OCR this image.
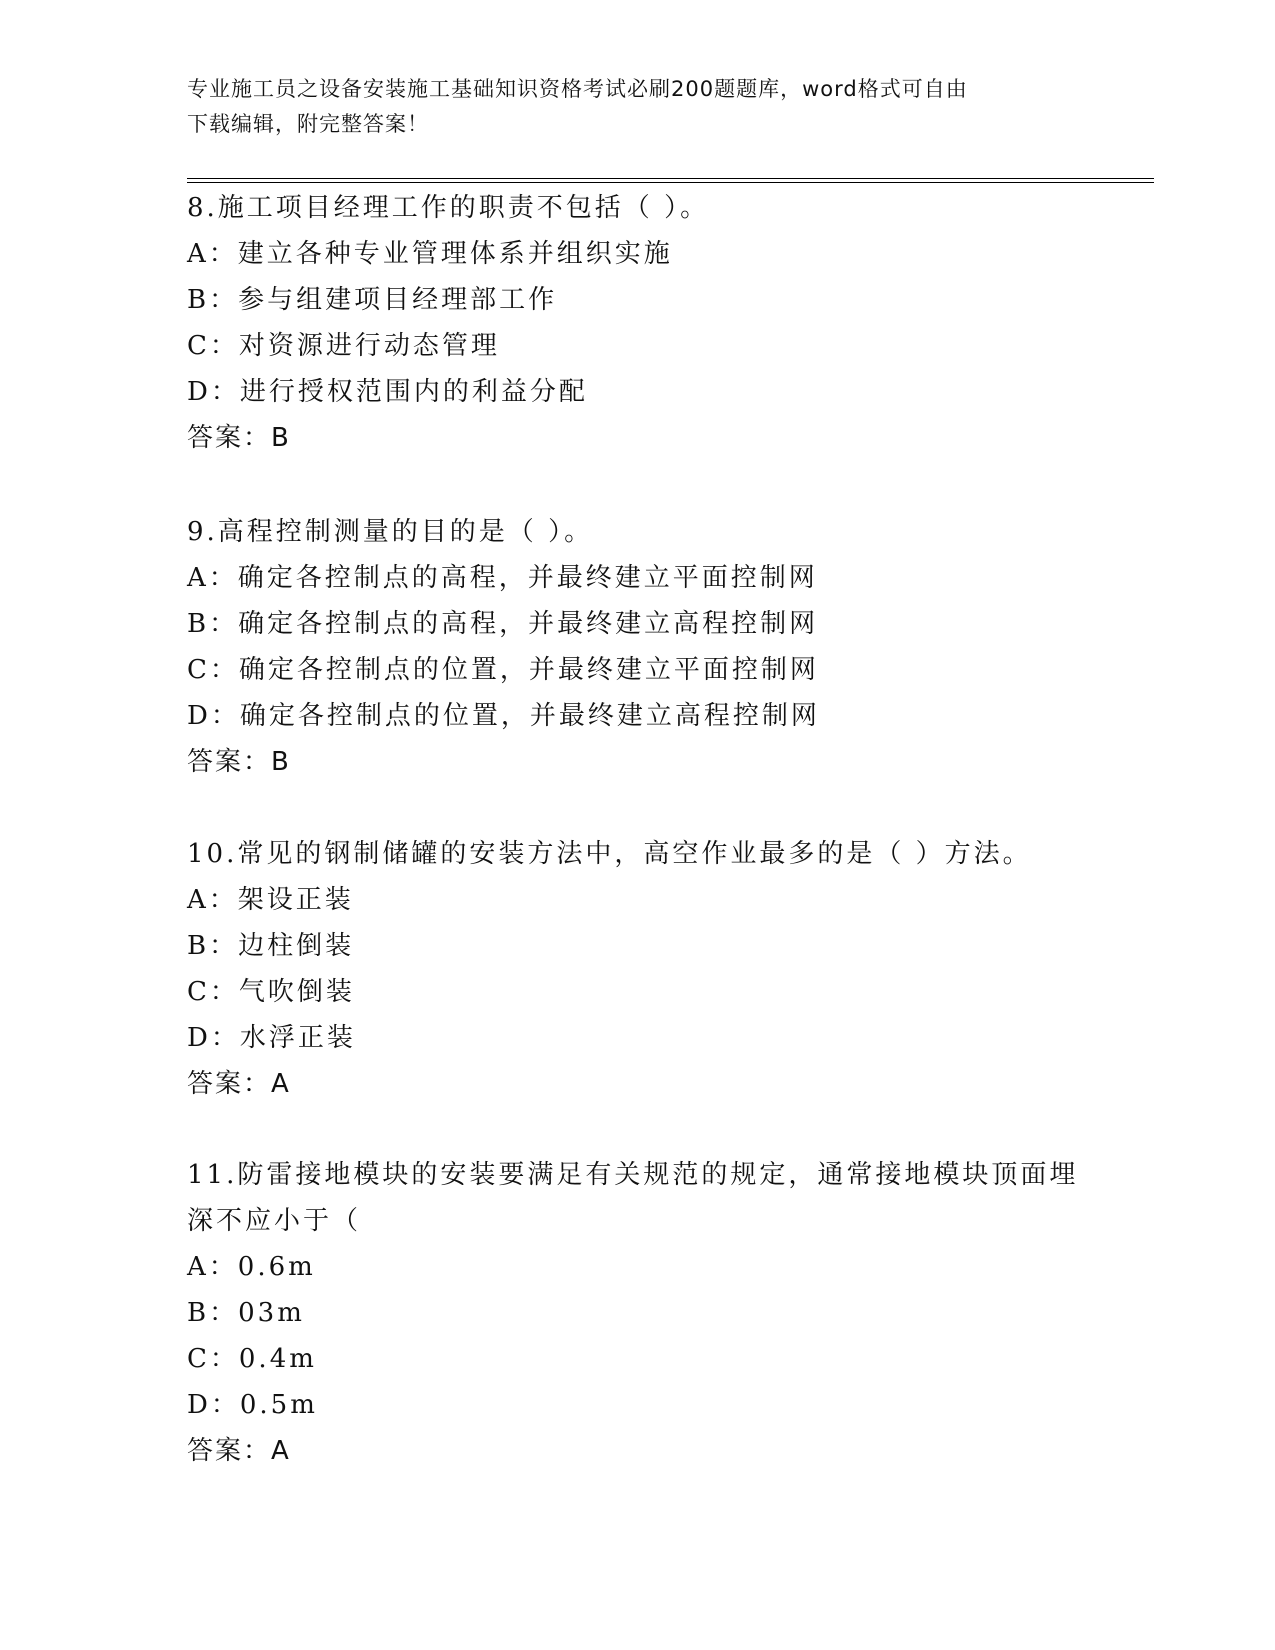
专业施工员之设备安装施工基础知识资格考试必刷200题题库，word格式可自由
下载编辑，附完整答案！
8.施工项目经理工作的职责不包括（ ）。
A：建立各种专业管理体系并组织实施
B：参与组建项目经理部工作
C：对资源进行动态管理
D：进行授权范围内的利益分配
答案：B
9.高程控制测量的目的是（ ）。
A：确定各控制点的高程，并最终建立平面控制网
B：确定各控制点的高程，并最终建立高程控制网
C：确定各控制点的位置，并最终建立平面控制网
D：确定各控制点的位置，并最终建立高程控制网
答案：B
10.常见的钢制储罐的安装方法中，高空作业最多的是（ ）方法。
A：架设正装
B：边柱倒装
C：气吹倒装
D：水浮正装
答案：A
11.防雷接地模块的安装要满足有关规范的规定，通常接地模块顶面埋
深不应小于（
A：0.6m
B：03m
C：0.4m
D：0.5m
答案：A
